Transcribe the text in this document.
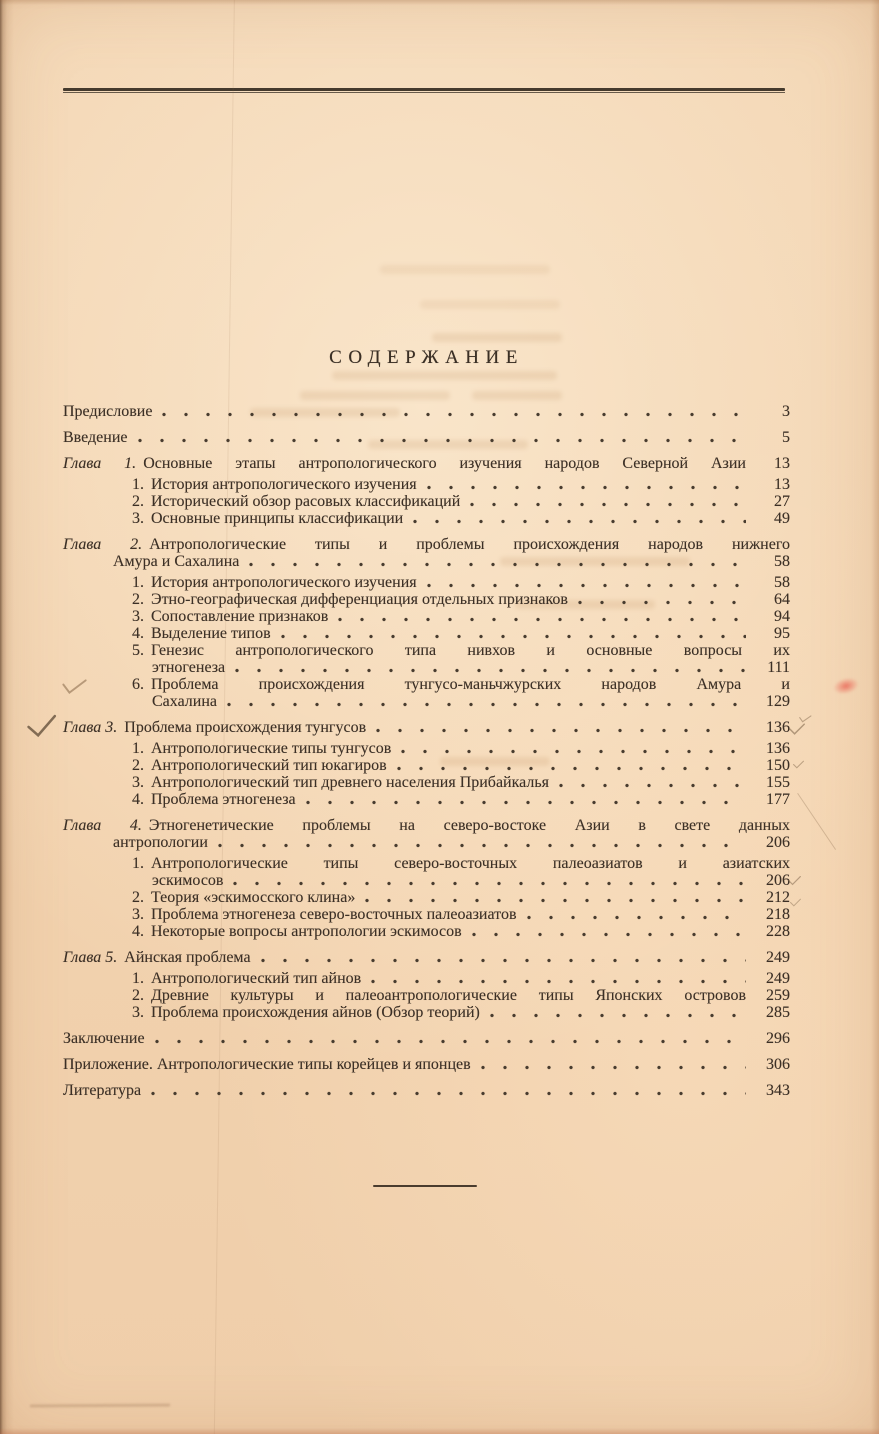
СОДЕРЖАНИЕ
Предисловие	3
Введение	5
Глава 1. Основные этапы антропологического изучения народов Северной Азии	13
1. История антропологического изучения	13
2. Исторический обзор расовых классификаций	27
3. Основные принципы классификации	49
Глава 2. Антропологические типы и проблемы происхождения народов нижнего
Амура и Сахалина	58
1. История антропологического изучения	58
2. Этно-географическая дифференциация отдельных признаков	64
3. Сопоставление признаков	94
4. Выделение типов	95
5. Генезис антропологического типа нивхов и основные вопросы их
этногенеза	111
6. Проблема происхождения тунгусо-маньчжурских народов Амура и
Сахалина	129
Глава 3. Проблема происхождения тунгусов	136
1. Антропологические типы тунгусов	136
2. Антропологический тип юкагиров	150
3. Антропологический тип древнего населения Прибайкалья	155
4. Проблема этногенеза	177
Глава 4. Этногенетические проблемы на северо-востоке Азии в свете данных
антропологии	206
1. Антропологические типы северо-восточных палеоазиатов и азиатских
эскимосов	206
2. Теория «эскимосского клина»	212
3. Проблема этногенеза северо-восточных палеоазиатов	218
4. Некоторые вопросы антропологии эскимосов	228
Глава 5. Айнская проблема	249
1. Антропологический тип айнов	249
2. Древние культуры и палеоантропологические типы Японских островов	259
3. Проблема происхождения айнов (Обзор теорий)	285
Заключение	296
Приложение. Антропологические типы корейцев и японцев	306
Литература	343
